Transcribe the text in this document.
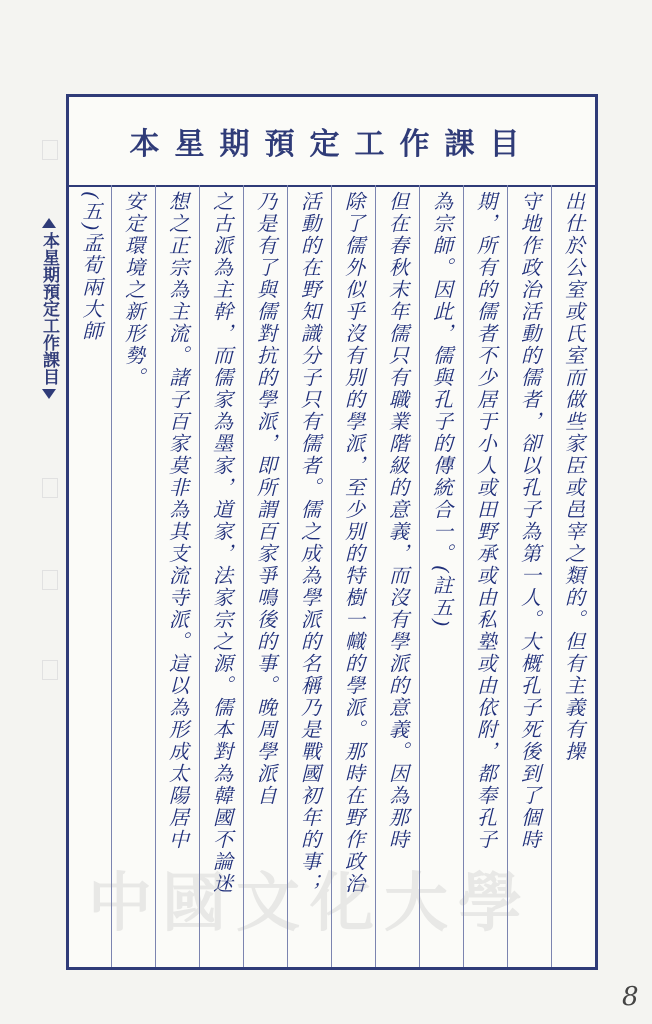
本星期預定工作課目
本星期預定工作課目
出仕於公室或氏室而做些家臣或邑宰之類的。但有主義有操
守地作政治活動的儒者，卻以孔子為第一人。大概孔子死後到了個時
期，所有的儒者不少居于小人或田野承或由私塾或由依附，都奉孔子
為宗師。因此，儒與孔子的傳統合一。(註五)
但在春秋末年儒只有職業階級的意義，而沒有學派的意義。因為那時
除了儒外似乎沒有別的學派，至少別的特樹一幟的學派。那時在野作政治
活動的在野知識分子只有儒者。儒之成為學派的名稱乃是戰國初年的事；
乃是有了與儒對抗的學派，即所謂百家爭鳴後的事。晚周學派自
之古派為主幹，而儒家為墨家，道家，法家宗之源。儒本對為韓國不論迷
想之正宗為主流。諸子百家莫非為其支流寺派。這以為形成太陽居中
安定環境之新形勢。
(五)孟荀兩大師
中國文化大學
8
